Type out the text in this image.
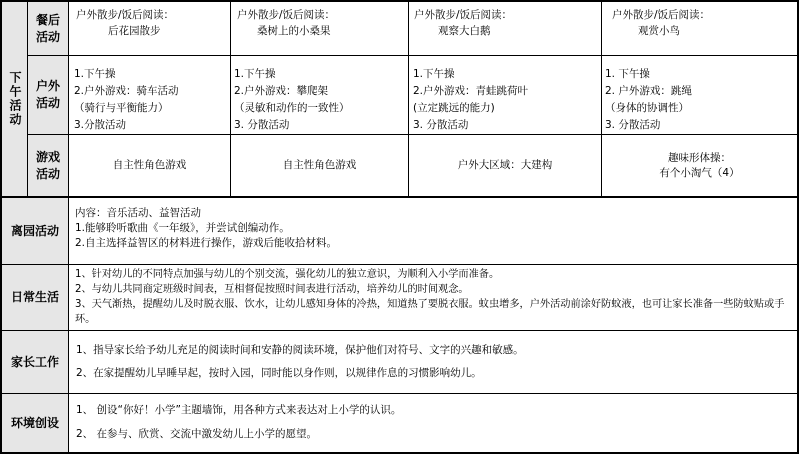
下午活动
餐后活动
户外散步/饭后阅读：
后花园散步
户外散步/饭后阅读：
桑树上的小桑果
户外散步/饭后阅读：
观察大白鹅
户外散步/饭后阅读：
观赏小鸟
户外活动
1.下午操
2.户外游戏：骑车活动
（骑行与平衡能力）
3.分散活动
1.下午操
2.户外游戏：攀爬架
（灵敏和动作的一致性）
3. 分散活动
1.下午操
2.户外游戏：青蛙跳荷叶
(立定跳远的能力)
3. 分散活动
1. 下午操
2. 户外游戏：跳绳
（身体的协调性）
3. 分散活动
游戏活动
自主性角色游戏	自主性角色游戏	户外大区域：大建构
趣味形体操：
有个小淘气（4）
离园活动
内容：音乐活动、益智活动
1.能够聆听歌曲《一年级》，并尝试创编动作。
2.自主选择益智区的材料进行操作，游戏后能收拾材料。
日常生活
1、针对幼儿的不同特点加强与幼儿的个别交流，强化幼儿的独立意识，为顺利入小学而准备。
2、与幼儿共同商定班级时间表，互相督促按照时间表进行活动，培养幼儿的时间观念。
3、天气渐热，提醒幼儿及时脱衣服、饮水，让幼儿感知身体的冷热，知道热了要脱衣服。蚊虫增多，户外活动前涂好防蚊液，也可让家长准备一些防蚊贴或手
环。
家长工作
1、指导家长给予幼儿充足的阅读时间和安静的阅读环境，保护他们对符号、文字的兴趣和敏感。
2、在家提醒幼儿早睡早起，按时入园，同时能以身作则，以规律作息的习惯影响幼儿。
环境创设
1、 创设“你好！小学”主题墙饰，用各种方式来表达对上小学的认识。
2、 在参与、欣赏、交流中激发幼儿上小学的愿望。
